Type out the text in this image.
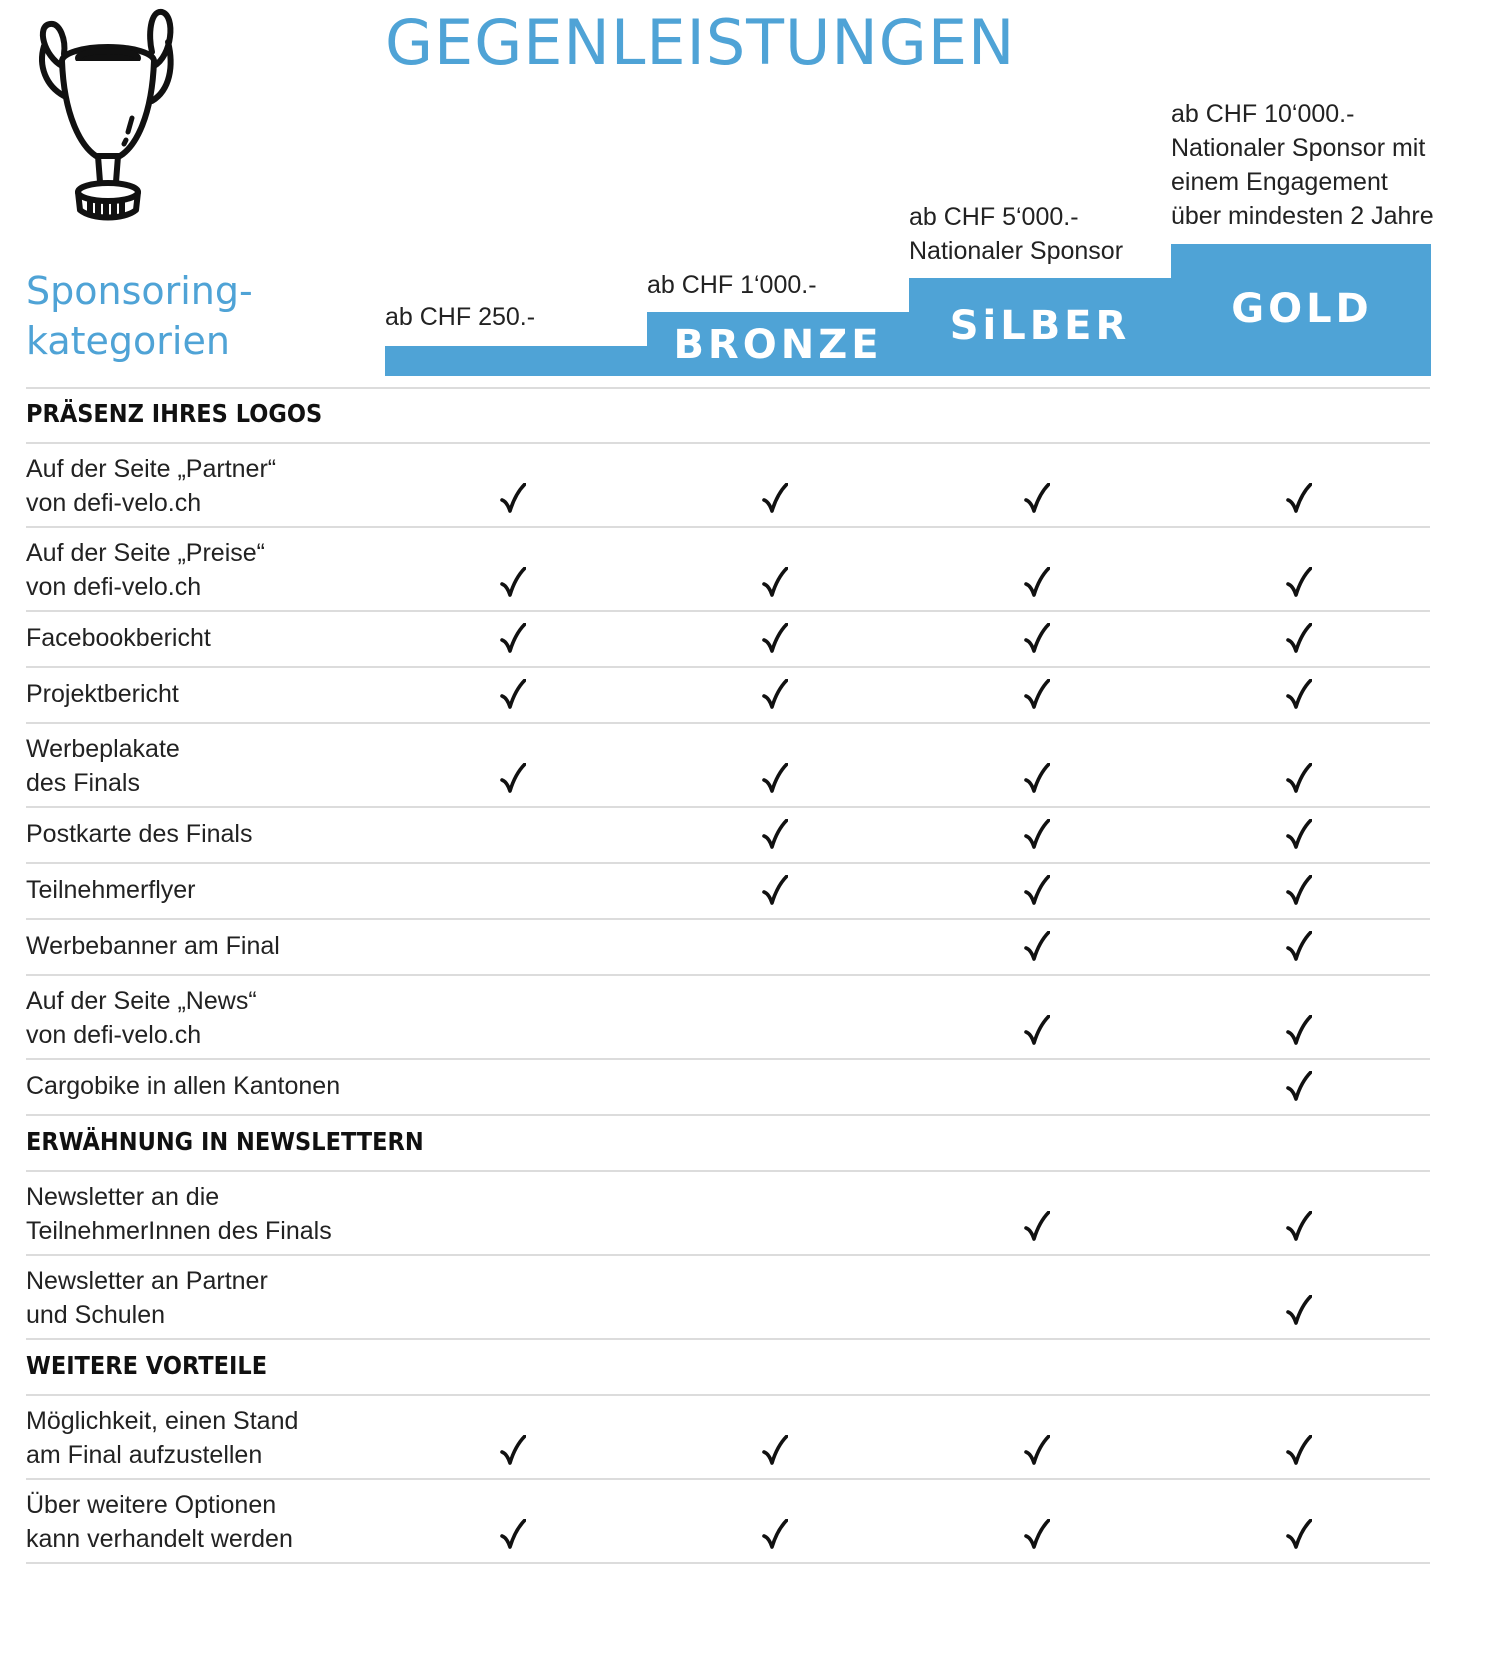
GEGENLEISTUNGEN
Sponsoring-
kategorien
ab CHF 250.-
ab CHF 1‘000.-
ab CHF 5‘000.-
Nationaler Sponsor
ab CHF 10‘000.-
Nationaler Sponsor mit
einem Engagement
über mindesten 2 Jahre
BRONZE	SiLBER	GOLD
PRÄSENZ IHRES LOGOS
Auf der Seite „Partner“
von defi-velo.ch
Auf der Seite „Preise“
von defi-velo.ch
Facebookbericht
Projektbericht
Werbeplakate
des Finals
Postkarte des Finals
Teilnehmerflyer
Werbebanner am Final
Auf der Seite „News“
von defi-velo.ch
Cargobike in allen Kantonen
ERWÄHNUNG IN NEWSLETTERN
Newsletter an die
TeilnehmerInnen des Finals
Newsletter an Partner
und Schulen
WEITERE VORTEILE
Möglichkeit, einen Stand
am Final aufzustellen
Über weitere Optionen
kann verhandelt werden
